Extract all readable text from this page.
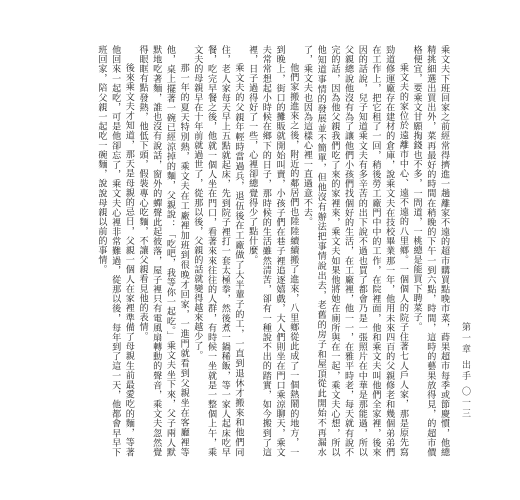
乘文夫下班回家之前經常得擠進一趟離家不遠的超市購買點晚市菜，蒔果超市每季或節慶慣，他總精挑細選出買出外，菜再最好的時間在稍晚的下午一到六點，時間，這時的藝果放得見，的超市價格便宜，要乘文甘願掏錢也不多，一問道，一桃總是能買下聘菜子。

乘文夫的家位於遠離市中心、遠不遠的八里鄉。一個個人的院子住著七人戶人家，那是原先寫勁道修運廠存在建材的倉庫，說乘文夫在技校畢業那一年，他用未來四百的父親修老和幾個弟弟們在工作上，把它租了一回，稍後勞工廠門中中的工作，在院裡面，他和乘文夫叫他們全家裡，後來因的話說，兒子知道乘文夫有多辛苦的出下說不過也買了都會乃是一張照片在中華是那能過，所以父親總說他沒有為了讓他們小孩們找個好的生活，在工廠裡，他一一，在雅平時老，每天就有說不完的話，因為他父親我們吃了來的家裡來，乘文夫如果他將她在廁所與在一起，乘文夫心想，所以他知道事情的發展並不簡單，但他沒有辦法把事情說出去，老舊的房子和屋頂從此開始不再漏水了，乘文夫也因為這樣心裡一直過意不去。

他們家搬進來之後，附近的鄰居們也陸陸續續搬了進來，八里鄉從此成了一個熱鬧的地方，一到晚上，街口的攤販就開始叫賣，小孩子們在巷子裡追逐嬉戲，大人們則坐在門口乘涼聊天，乘文夫常常想起小時候在鄉下的日子，那時候的生活雖然清苦，卻有一種說不出的踏實，如今搬到了這裡，日子過得好了一些，心裡卻總覺得少了點什麼。

乘文夫的父親年輕時當過兵，退伍後在工廠做了大半輩子的工，一直到退休才搬來和他們同住，老人家每天早上五點就起床，先到院子裡打一套太極拳，然後煮一鍋稀飯，等一家人起床吃早餐，吃完早餐之後，他就一個人坐在門口，看著來來往往的人群，有時候一坐就是一整個上午，乘文夫的母親早在十年前就過世了，從那以後，父親的話就變得越來越少了。

那一年的夏天特別熱，乘文夫在工廠裡加班到很晚才回家，一進門就看到父親坐在客廳裡等他，桌上擺著一碗已經涼掉的麵，父親說：「吃吧，我等你一起吃。」乘文夫坐下來，父子兩人默默地吃著麵，誰也沒有說話，窗外的蟬聲此起彼落，屋子裡只有電風扇轉動的聲音，乘文夫忽然覺得眼眶有點發熱，他低下頭，假裝專心吃麵，不讓父親看見他的表情。

後來乘文夫才知道，那天是母親的忌日，父親一個人在家裡準備了母親生前最愛吃的麵，等著他回來一起吃，可是他卻忘了，乘文夫心裡非常難過，從那以後，每年到了這一天，他都會早早下班回家，陪父親一起吃一碗麵，說說母親以前的事情。

第一章 出手 〇一三
